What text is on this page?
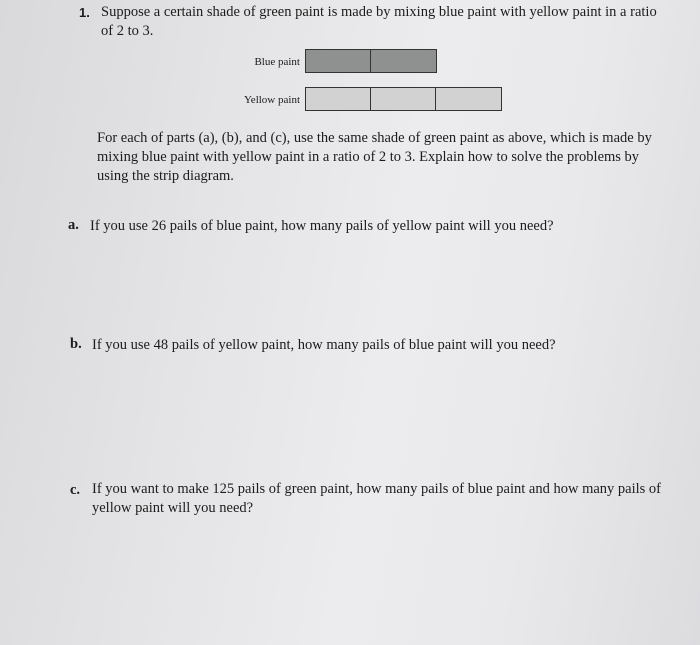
1. Suppose a certain shade of green paint is made by mixing blue paint with yellow paint in a ratio of 2 to 3.
Blue paint
Yellow paint
For each of parts (a), (b), and (c), use the same shade of green paint as above, which is made by mixing blue paint with yellow paint in a ratio of 2 to 3. Explain how to solve the problems by using the strip diagram.
a. If you use 26 pails of blue paint, how many pails of yellow paint will you need?
b. If you use 48 pails of yellow paint, how many pails of blue paint will you need?
c. If you want to make 125 pails of green paint, how many pails of blue paint and how many pails of yellow paint will you need?
